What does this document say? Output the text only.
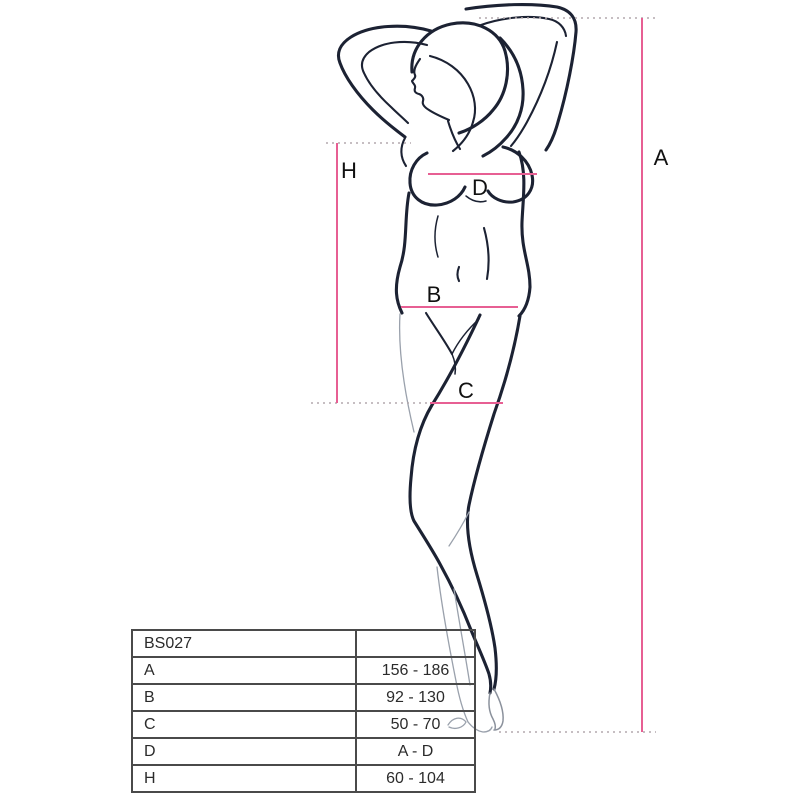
A
H
D
B
C
BS027	
A	156 - 186
B	92 - 130
C	50 - 70
D	A - D
H	60 - 104
